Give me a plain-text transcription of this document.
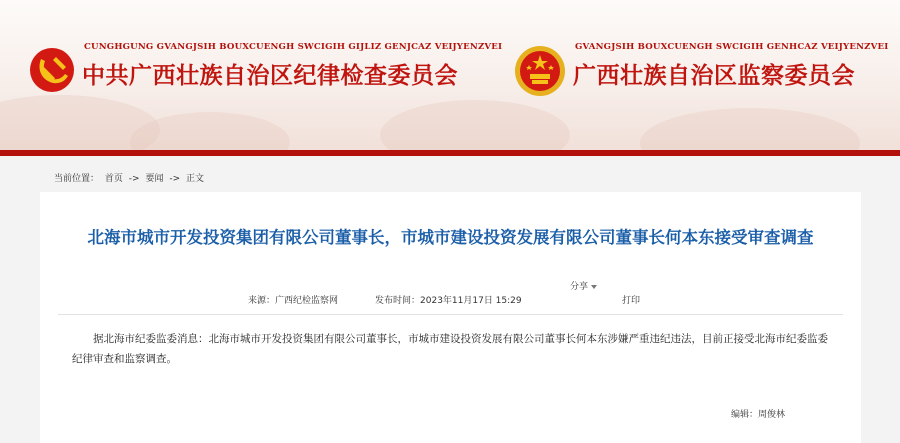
CUNGHGUNG GVANGJSIH BOUXCUENGH SWCIGIH GIJLIZ GENJCAZ VEIJYENZVEI
中共广西壮族自治区纪律检查委员会
GVANGJSIH BOUXCUENGH SWCIGIH GENHCAZ VEIJYENZVEI
广西壮族自治区监察委员会
当前位置： 首页 -> 要闻 -> 正文
北海市城市开发投资集团有限公司董事长，市城市建设投资发展有限公司董事长何本东接受审查调查
来源：广西纪检监察网	发布时间：2023年11月17日 15:29
分享
打印

据北海市纪委监委消息：北海市城市开发投资集团有限公司董事长，市城市建设投资发展有限公司董事长何本东涉嫌严重违纪违法，目前正接受北海市纪委监委纪律审查和监察调查。

编辑：周俊林
